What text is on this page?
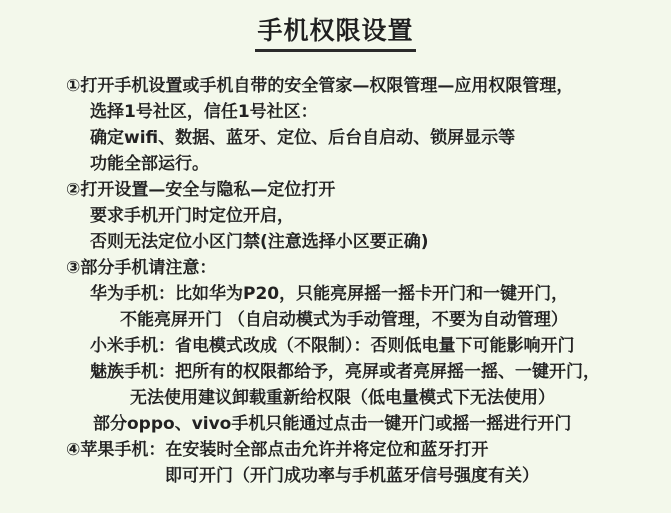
手机权限设置
①打开手机设置或手机自带的安全管家—权限管理—应用权限管理，
选择1号社区，信任1号社区：
确定wifi、数据、蓝牙、定位、后台自启动、锁屏显示等
功能全部运行。
②打开设置—安全与隐私—定位打开
要求手机开门时定位开启，
否则无法定位小区门禁(注意选择小区要正确)
③部分手机请注意：
华为手机：比如华为P20，只能亮屏摇一摇卡开门和一键开门，
不能亮屏开门 （自启动模式为手动管理，不要为自动管理）
小米手机：省电模式改成（不限制）：否则低电量下可能影响开门
魅族手机：把所有的权限都给予，亮屏或者亮屏摇一摇、一键开门，
无法使用建议卸载重新给权限（低电量模式下无法使用）
部分oppo、vivo手机只能通过点击一键开门或摇一摇进行开门
④苹果手机：在安装时全部点击允许并将定位和蓝牙打开
即可开门（开门成功率与手机蓝牙信号强度有关）
